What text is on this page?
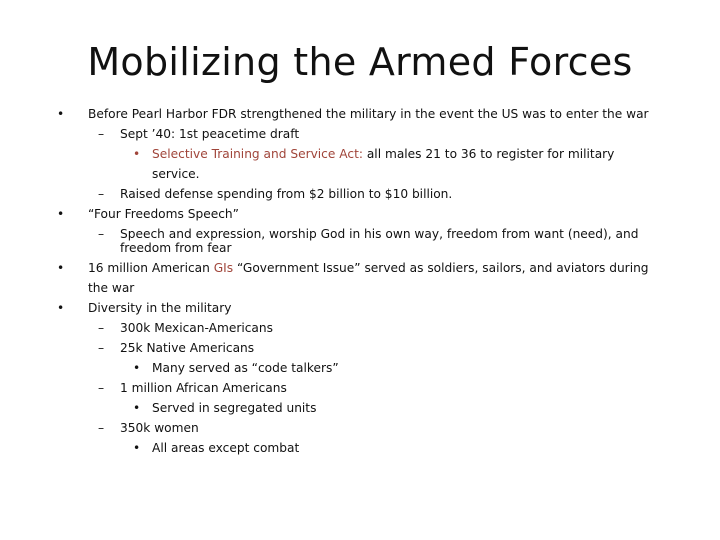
Mobilizing the Armed Forces
• Before Pearl Harbor FDR strengthened the military in the event the US was to enter the war
– Sept ’40: 1st peacetime draft
• Selective Training and Service Act: all males 21 to 36 to register for military service.
– Raised defense spending from $2 billion to $10 billion.
• “Four Freedoms Speech”
– Speech and expression, worship God in his own way, freedom from want (need), and freedom from fear
• 16 million American GIs “Government Issue” served as soldiers, sailors, and aviators during the war
• Diversity in the military
– 300k Mexican-Americans
– 25k Native Americans
• Many served as “code talkers”
– 1 million African Americans
• Served in segregated units
– 350k women
• All areas except combat
